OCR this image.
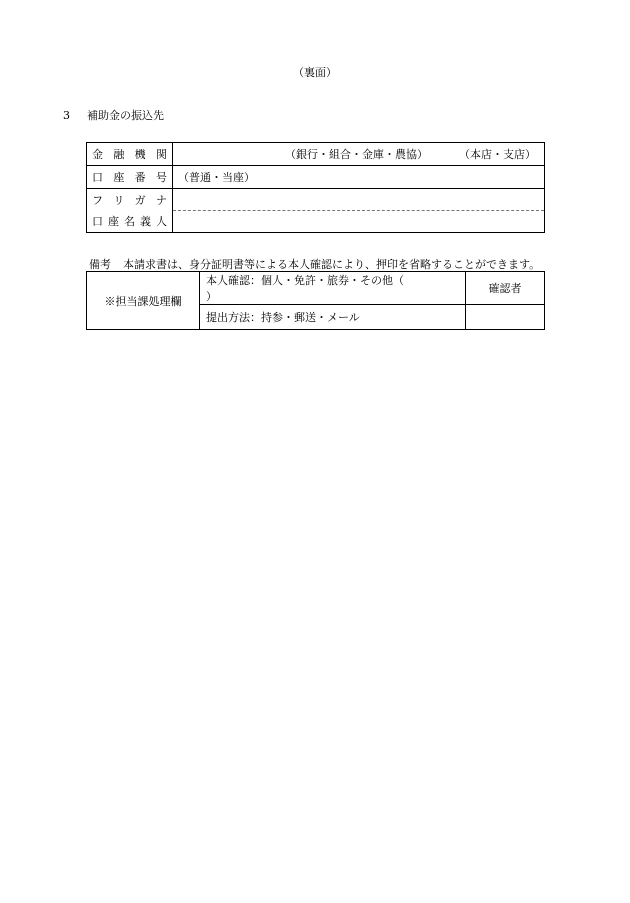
（裏面）
3 補助金の振込先
金 融 機 関	（銀行・組合・金庫・農協） （本店・支店）

口 座 番 号	（普通・当座）

フ リ ガ ナ	

口 座 名 義 人	

備考 本請求書は、身分証明書等による本人確認により、押印を省略することができます。
※担当課処理欄	本人確認：個人・免許・旅券・その他（）	確認者
	提出方法：持参・郵送・メール	
